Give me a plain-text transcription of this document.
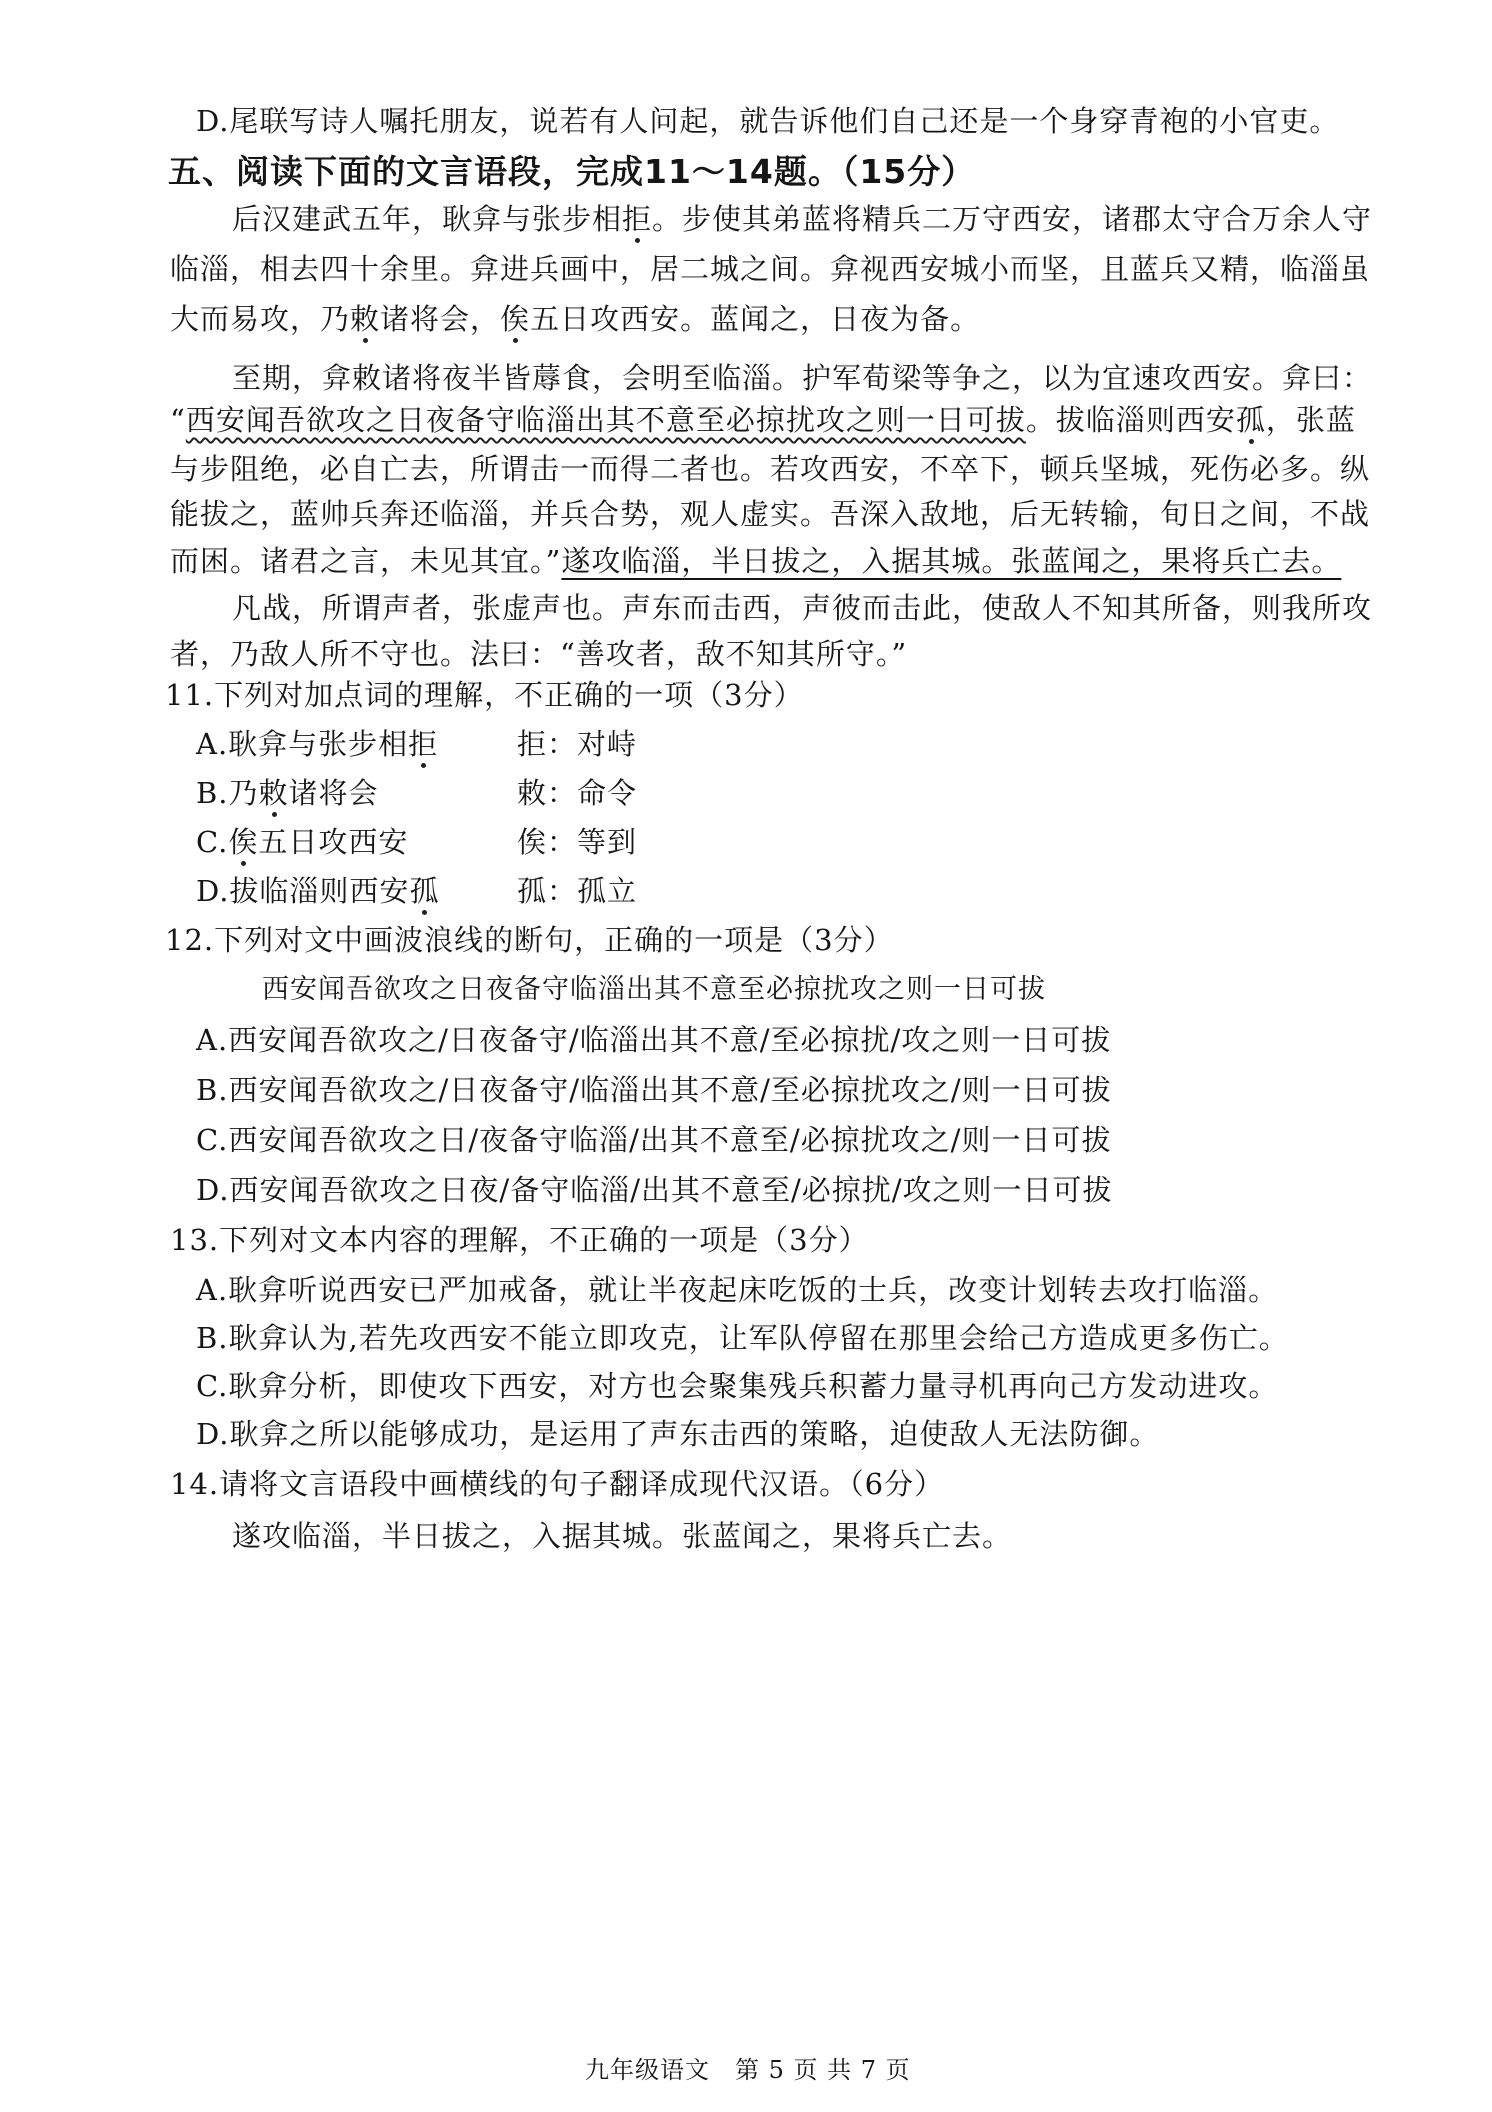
D.尾联写诗人嘱托朋友，说若有人问起，就告诉他们自己还是一个身穿青袍的小官吏。
五、阅读下面的文言语段，完成11～14题。（15分）
后汉建武五年，耿弇与张步相拒。步使其弟蓝将精兵二万守西安，诸郡太守合万余人守
临淄，相去四十余里。弇进兵画中，居二城之间。弇视西安城小而坚，且蓝兵又精，临淄虽
大而易攻，乃敕诸将会，俟五日攻西安。蓝闻之，日夜为备。
至期，弇敕诸将夜半皆蓐食，会明至临淄。护军荀梁等争之，以为宜速攻西安。弇曰：
“西安闻吾欲攻之日夜备守临淄出其不意至必掠扰攻之则一日可拔。拔临淄则西安孤，张蓝
与步阻绝，必自亡去，所谓击一而得二者也。若攻西安，不卒下，顿兵坚城，死伤必多。纵
能拔之，蓝帅兵奔还临淄，并兵合势，观人虚实。吾深入敌地，后无转输，旬日之间，不战
而困。诸君之言，未见其宜。”遂攻临淄，半日拔之，入据其城。张蓝闻之，果将兵亡去。
凡战，所谓声者，张虚声也。声东而击西，声彼而击此，使敌人不知其所备，则我所攻
者，乃敌人所不守也。法曰：“善攻者，敌不知其所守。”
11.下列对加点词的理解，不正确的一项（3分）
A.耿弇与张步相拒	拒：对峙
B.乃敕诸将会	敕：命令
C.俟五日攻西安	俟：等到
D.拔临淄则西安孤	孤：孤立
12.下列对文中画波浪线的断句，正确的一项是（3分）
西安闻吾欲攻之日夜备守临淄出其不意至必掠扰攻之则一日可拔
A.西安闻吾欲攻之/日夜备守/临淄出其不意/至必掠扰/攻之则一日可拔
B.西安闻吾欲攻之/日夜备守/临淄出其不意/至必掠扰攻之/则一日可拔
C.西安闻吾欲攻之日/夜备守临淄/出其不意至/必掠扰攻之/则一日可拔
D.西安闻吾欲攻之日夜/备守临淄/出其不意至/必掠扰/攻之则一日可拔
13.下列对文本内容的理解，不正确的一项是（3分）
A.耿弇听说西安已严加戒备，就让半夜起床吃饭的士兵，改变计划转去攻打临淄。
B.耿弇认为,若先攻西安不能立即攻克，让军队停留在那里会给己方造成更多伤亡。
C.耿弇分析，即使攻下西安，对方也会聚集残兵积蓄力量寻机再向己方发动进攻。
D.耿弇之所以能够成功，是运用了声东击西的策略，迫使敌人无法防御。
14.请将文言语段中画横线的句子翻译成现代汉语。（6分）
遂攻临淄，半日拔之，入据其城。张蓝闻之，果将兵亡去。
九年级语文　第 5 页 共 7 页
